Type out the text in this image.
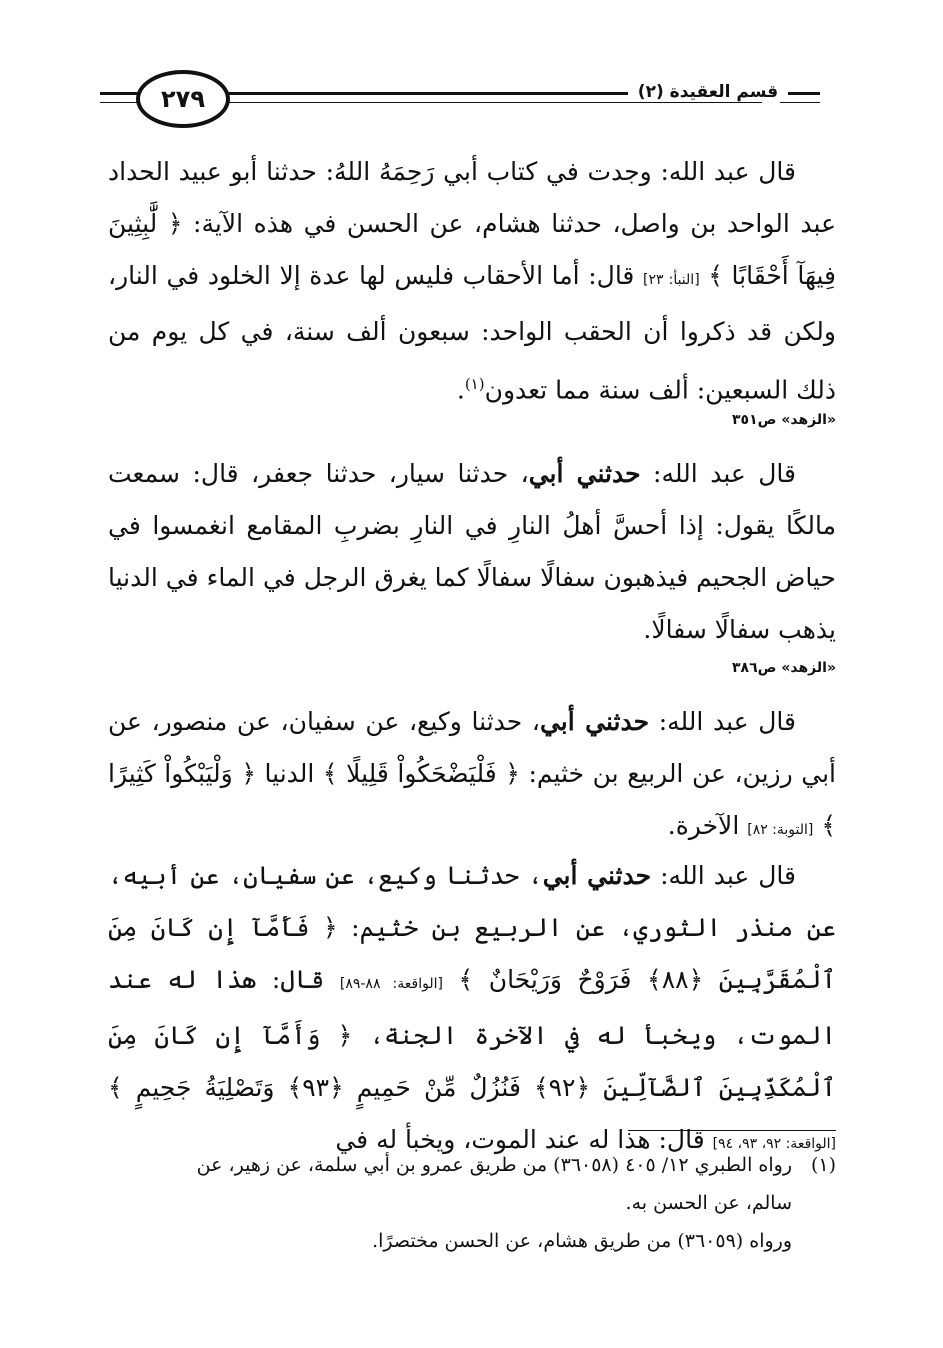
٢٧٩	قسم العقيدة (٢)

قال عبد الله: وجدت في كتاب أبي رَحِمَهُ اللهُ: حدثنا أبو عبيد الحداد عبد الواحد بن واصل، حدثنا هشام، عن الحسن في هذه الآية: ﴿ لَّٰبِثِينَ فِيهَآ أَحْقَابًا ﴾ [النبأ: ٢٣] قال: أما الأحقاب فليس لها عدة إلا الخلود في النار، ولكن قد ذكروا أن الحقب الواحد: سبعون ألف سنة، في كل يوم من ذلك السبعين: ألف سنة مما تعدون$^{(١)}$.

«الزهد» ص٣٥١

قال عبد الله: حدثني أبي، حدثنا سيار، حدثنا جعفر، قال: سمعت مالكًا يقول: إذا أحسَّ أهلُ النارِ في النارِ بضربِ المقامع انغمسوا في حياض الجحيم فيذهبون سفالًا سفالًا كما يغرق الرجل في الماء في الدنيا يذهب سفالًا سفالًا.

«الزهد» ص٣٨٦

قال عبد الله: حدثني أبي، حدثنا وكيع، عن سفيان، عن منصور، عن أبي رزين، عن الربيع بن خثيم: ﴿ فَلْيَضْحَكُواْ قَلِيلًا ﴾ الدنيا ﴿ وَلْيَبْكُواْ كَثِيرًا ﴾ [التوبة: ٨٢] الآخرة.

قال عبد الله: حدثني أبي، حدثنا وكيع، عن سفيان، عن أبيه، عن منذر الثوري، عن الربيع بن خثيم: ﴿ فَأَمَّآ إِن كَانَ مِنَ ٱلْمُقَرَّبِينَ ﴿٨٨﴾ فَرَوْحٌ وَرَيْحَانٌ ﴾ [الواقعة: ٨٨-٨٩] قال: هذا له عند الموت، ويخبأ له في الآخرة الجنة، ﴿ وَأَمَّآ إِن كَانَ مِنَ ٱلْمُكَذِّبِينَ ٱلضَّآلِّينَ ﴿٩٢﴾ فَنُزُلٌ مِّنْ حَمِيمٍ ﴿٩٣﴾ وَتَصْلِيَةُ جَحِيمٍ ﴾ [الواقعة: ٩٢، ٩٣، ٩٤] قال: هذا له عند الموت، ويخبأ له في

(١)رواه الطبري ١٢/ ٤٠٥ (٣٦٠٥٨) من طريق عمرو بن أبي سلمة، عن زهير، عن

سالم، عن الحسن به.

ورواه (٣٦٠٥٩) من طريق هشام، عن الحسن مختصرًا.
